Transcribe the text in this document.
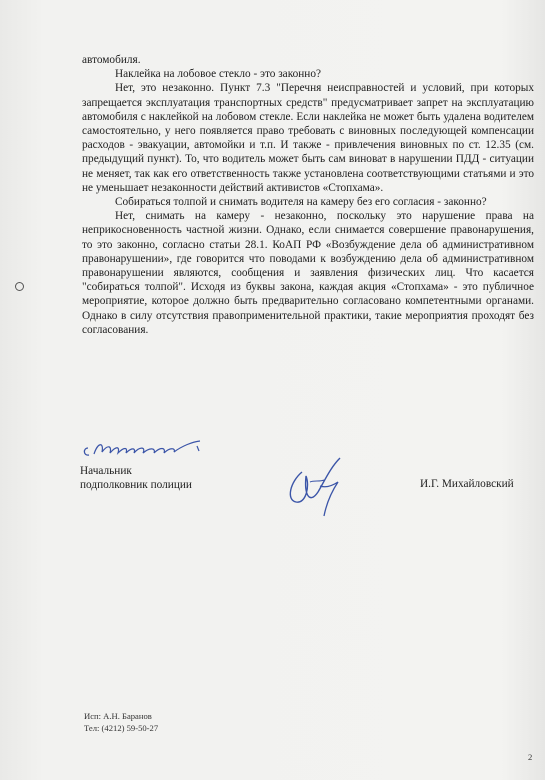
автомобиля.

Наклейка на лобовое стекло - это законно?

Нет, это незаконно. Пункт 7.3 "Перечня неисправностей и условий, при которых запрещается эксплуатация транспортных средств" предусматривает запрет на эксплуатацию автомобиля с наклейкой на лобовом стекле. Если наклейка не может быть удалена водителем самостоятельно, у него появляется право требовать с виновных последующей компенсации расходов - эвакуации, автомойки и т.п. И также - привлечения виновных по ст. 12.35 (см. предыдущий пункт). То, что водитель может быть сам виноват в нарушении ПДД - ситуации не меняет, так как его ответственность также установлена соответствующими статьями и это не уменьшает незаконности действий активистов «Стопхама».

Собираться толпой и снимать водителя на камеру без его согласия - законно?

Нет, снимать на камеру - незаконно, поскольку это нарушение права на неприкосновенность частной жизни. Однако, если снимается совершение правонарушения, то это законно, согласно статьи 28.1. КоАП РФ «Возбуждение дела об административном правонарушении», где говорится что поводами к возбуждению дела об административном правонарушении являются, сообщения и заявления физических лиц. Что касается "собираться толпой". Исходя из буквы закона, каждая акция «Стопхама» - это публичное мероприятие, которое должно быть предварительно согласовано компетентными органами. Однако в силу отсутствия правоприменительной практики, такие мероприятия проходят без согласования.

Начальник
подполковник полиции	И.Г. Михайловский
Исп: А.Н. Баранов
Тел: (4212) 59-50-27
2
